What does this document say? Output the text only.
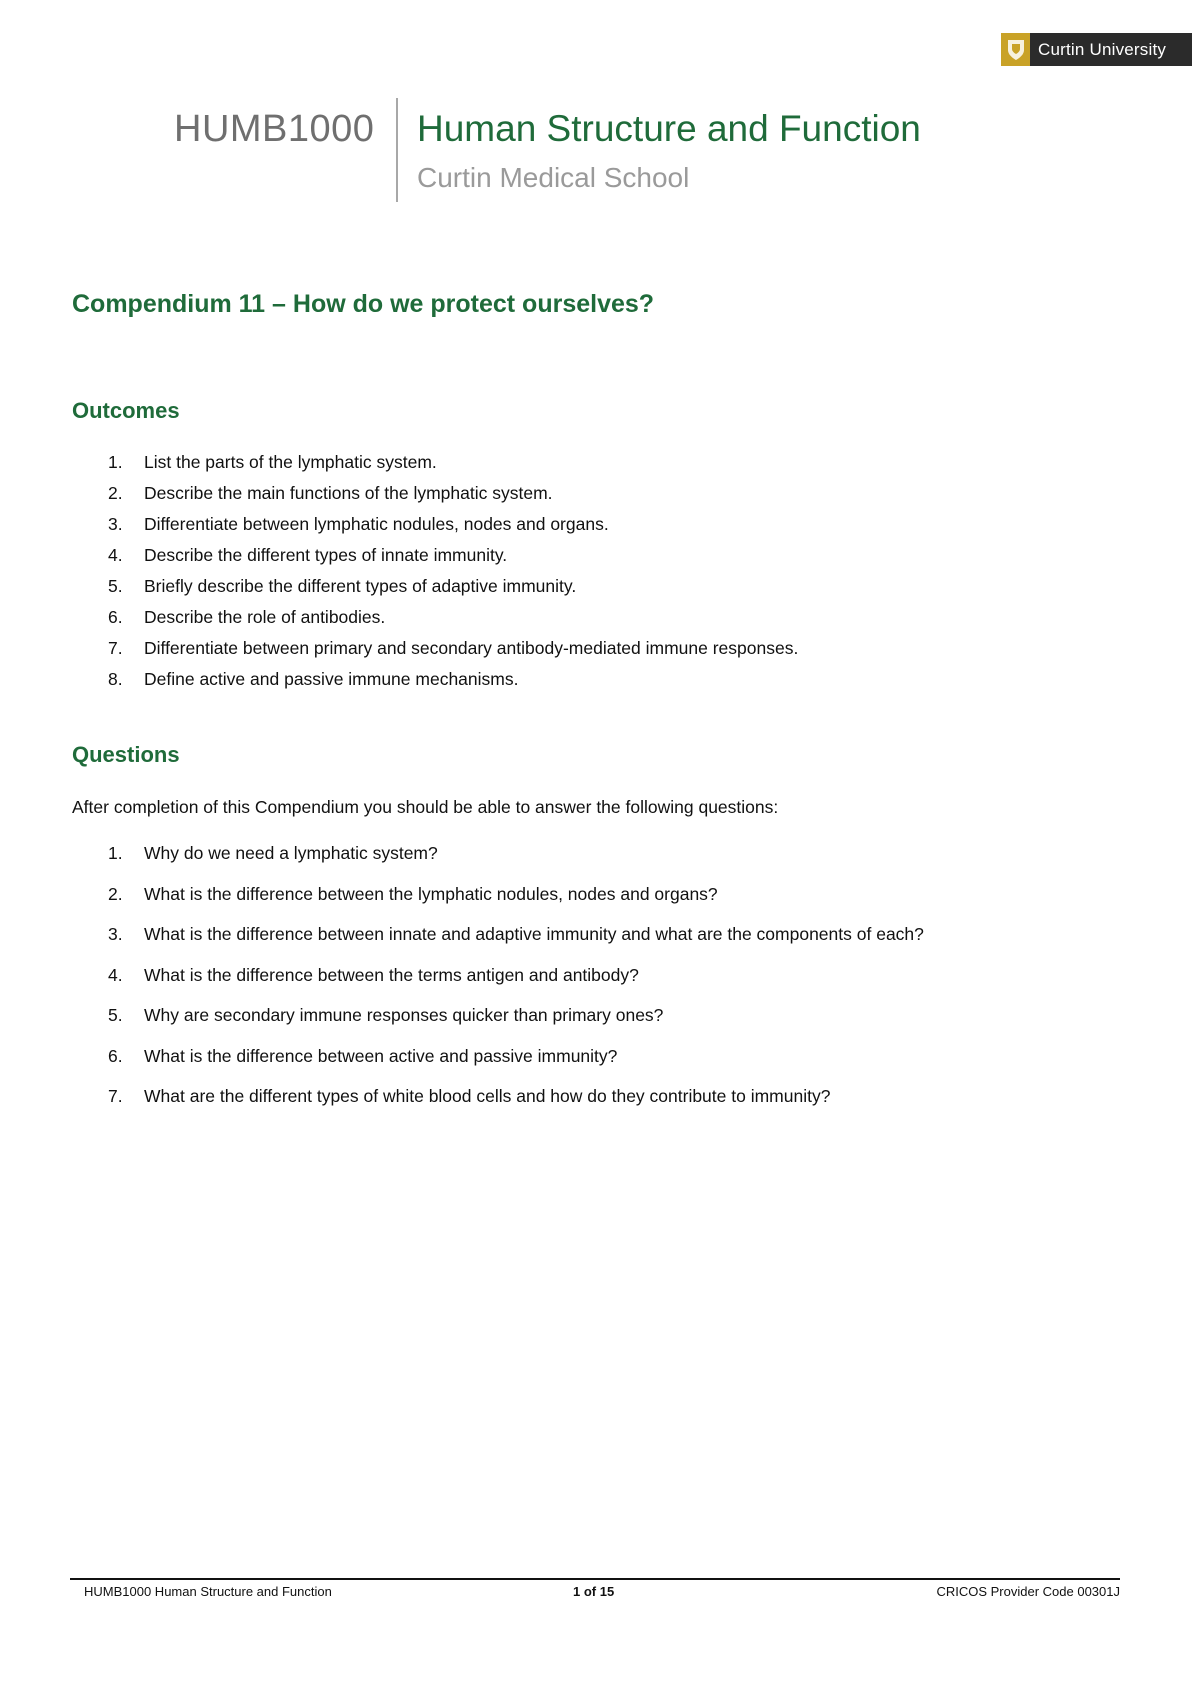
Curtin University
HUMB1000 Human Structure and Function
Curtin Medical School
Compendium 11 – How do we protect ourselves?
Outcomes
1. List the parts of the lymphatic system.
2. Describe the main functions of the lymphatic system.
3. Differentiate between lymphatic nodules, nodes and organs.
4. Describe the different types of innate immunity.
5. Briefly describe the different types of adaptive immunity.
6. Describe the role of antibodies.
7. Differentiate between primary and secondary antibody-mediated immune responses.
8. Define active and passive immune mechanisms.
Questions

After completion of this Compendium you should be able to answer the following questions:

1. Why do we need a lymphatic system?
2. What is the difference between the lymphatic nodules, nodes and organs?
3. What is the difference between innate and adaptive immunity and what are the components of each?
4. What is the difference between the terms antigen and antibody?
5. Why are secondary immune responses quicker than primary ones?
6. What is the difference between active and passive immunity?
7. What are the different types of white blood cells and how do they contribute to immunity?
HUMB1000 Human Structure and Function	1 of 15	CRICOS Provider Code 00301J
